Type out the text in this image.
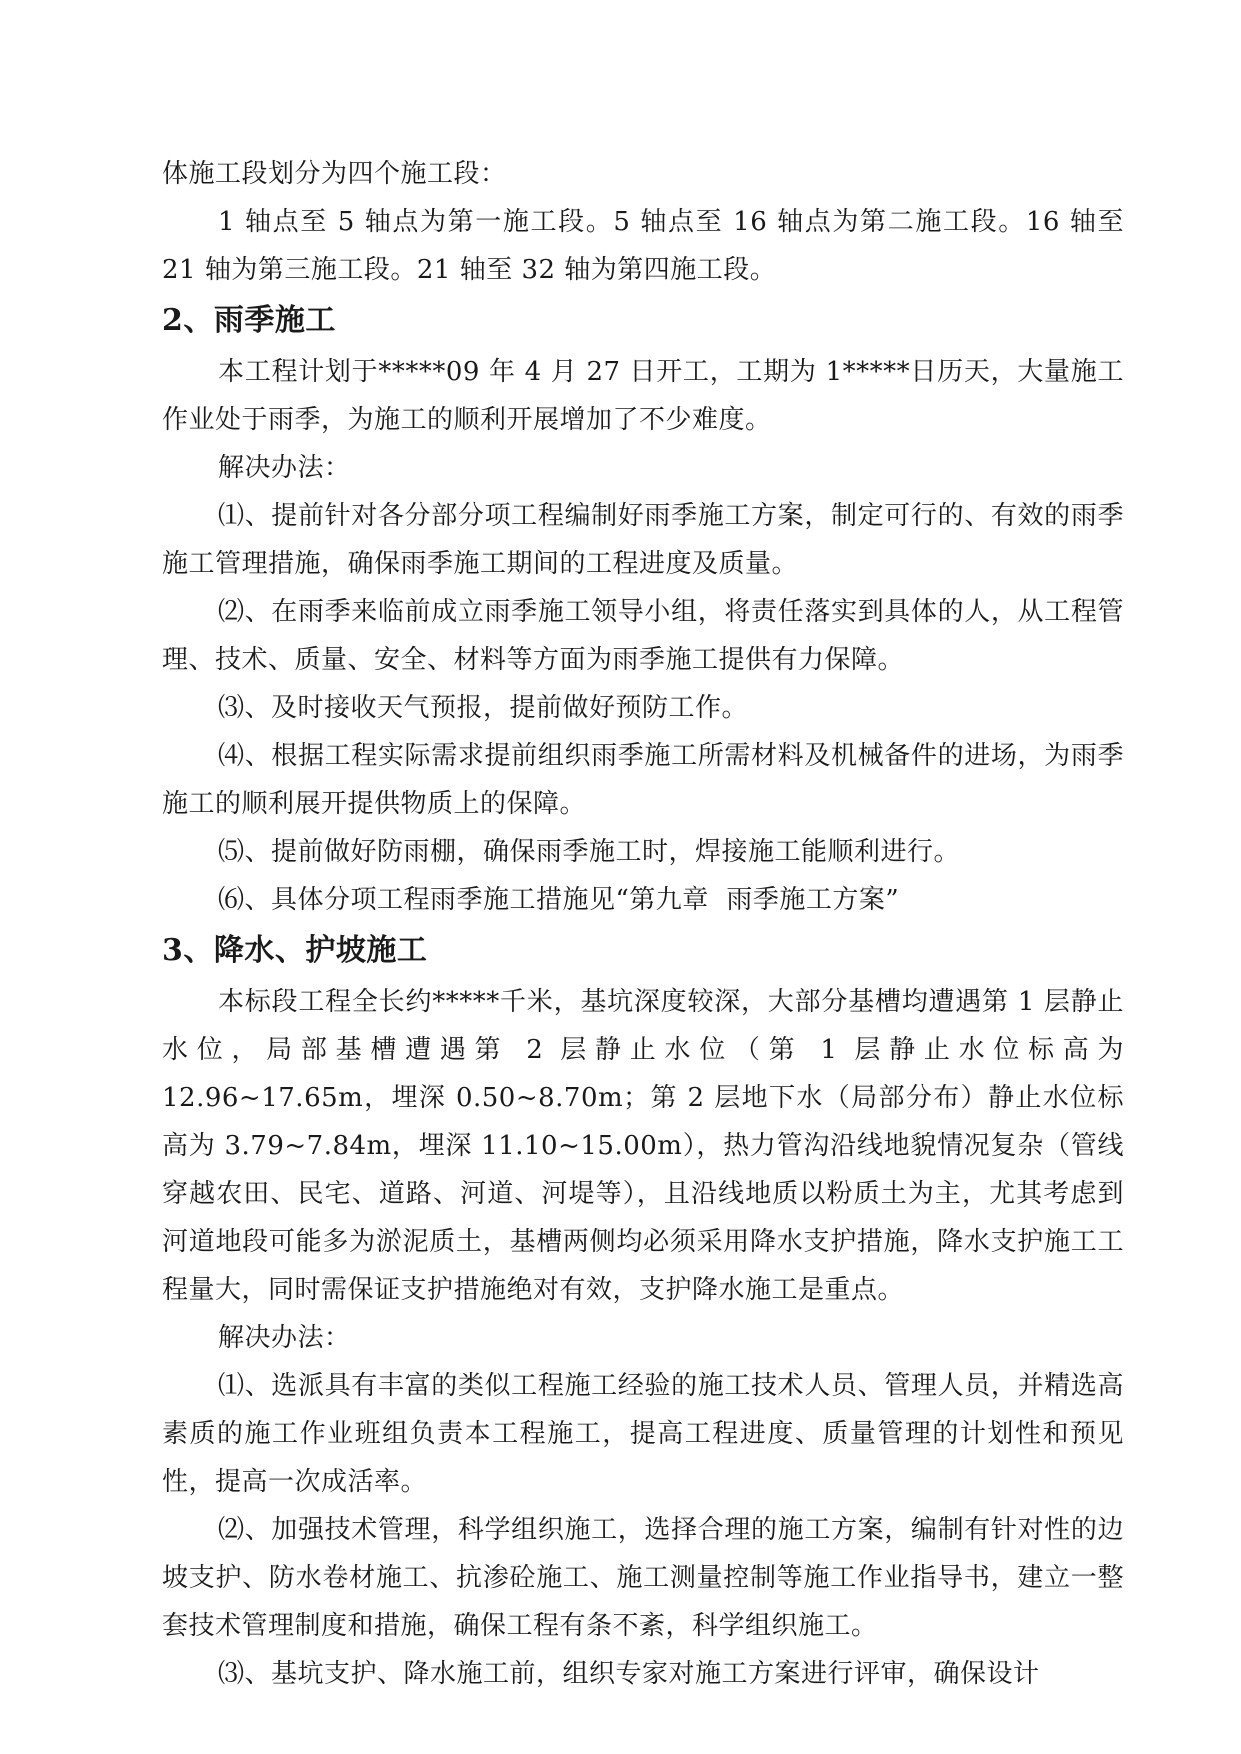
体施工段划分为四个施工段：

1 轴点至 5 轴点为第一施工段。5 轴点至 16 轴点为第二施工段。16 轴至 21 轴为第三施工段。21 轴至 32 轴为第四施工段。

2、雨季施工

本工程计划于*****09 年 4 月 27 日开工，工期为 1*****日历天，大量施工作业处于雨季，为施工的顺利开展增加了不少难度。

解决办法：

⑴、提前针对各分部分项工程编制好雨季施工方案，制定可行的、有效的雨季施工管理措施，确保雨季施工期间的工程进度及质量。

⑵、在雨季来临前成立雨季施工领导小组，将责任落实到具体的人，从工程管理、技术、质量、安全、材料等方面为雨季施工提供有力保障。

⑶、及时接收天气预报，提前做好预防工作。

⑷、根据工程实际需求提前组织雨季施工所需材料及机械备件的进场，为雨季施工的顺利展开提供物质上的保障。

⑸、提前做好防雨棚，确保雨季施工时，焊接施工能顺利进行。

⑹、具体分项工程雨季施工措施见“第九章  雨季施工方案”

3、降水、护坡施工

本标段工程全长约*****千米，基坑深度较深，大部分基槽均遭遇第 1 层静止水位，局部基槽遭遇第 2 层静止水位（第 1 层静止水位标高为 12.96~17.65m，埋深 0.50~8.70m；第 2 层地下水（局部分布）静止水位标高为 3.79~7.84m，埋深 11.10~15.00m），热力管沟沿线地貌情况复杂（管线穿越农田、民宅、道路、河道、河堤等），且沿线地质以粉质土为主，尤其考虑到河道地段可能多为淤泥质土，基槽两侧均必须采用降水支护措施，降水支护施工工程量大，同时需保证支护措施绝对有效，支护降水施工是重点。

解决办法：

⑴、选派具有丰富的类似工程施工经验的施工技术人员、管理人员，并精选高素质的施工作业班组负责本工程施工，提高工程进度、质量管理的计划性和预见性，提高一次成活率。

⑵、加强技术管理，科学组织施工，选择合理的施工方案，编制有针对性的边坡支护、防水卷材施工、抗渗砼施工、施工测量控制等施工作业指导书，建立一整套技术管理制度和措施，确保工程有条不紊，科学组织施工。

⑶、基坑支护、降水施工前，组织专家对施工方案进行评审，确保设计
